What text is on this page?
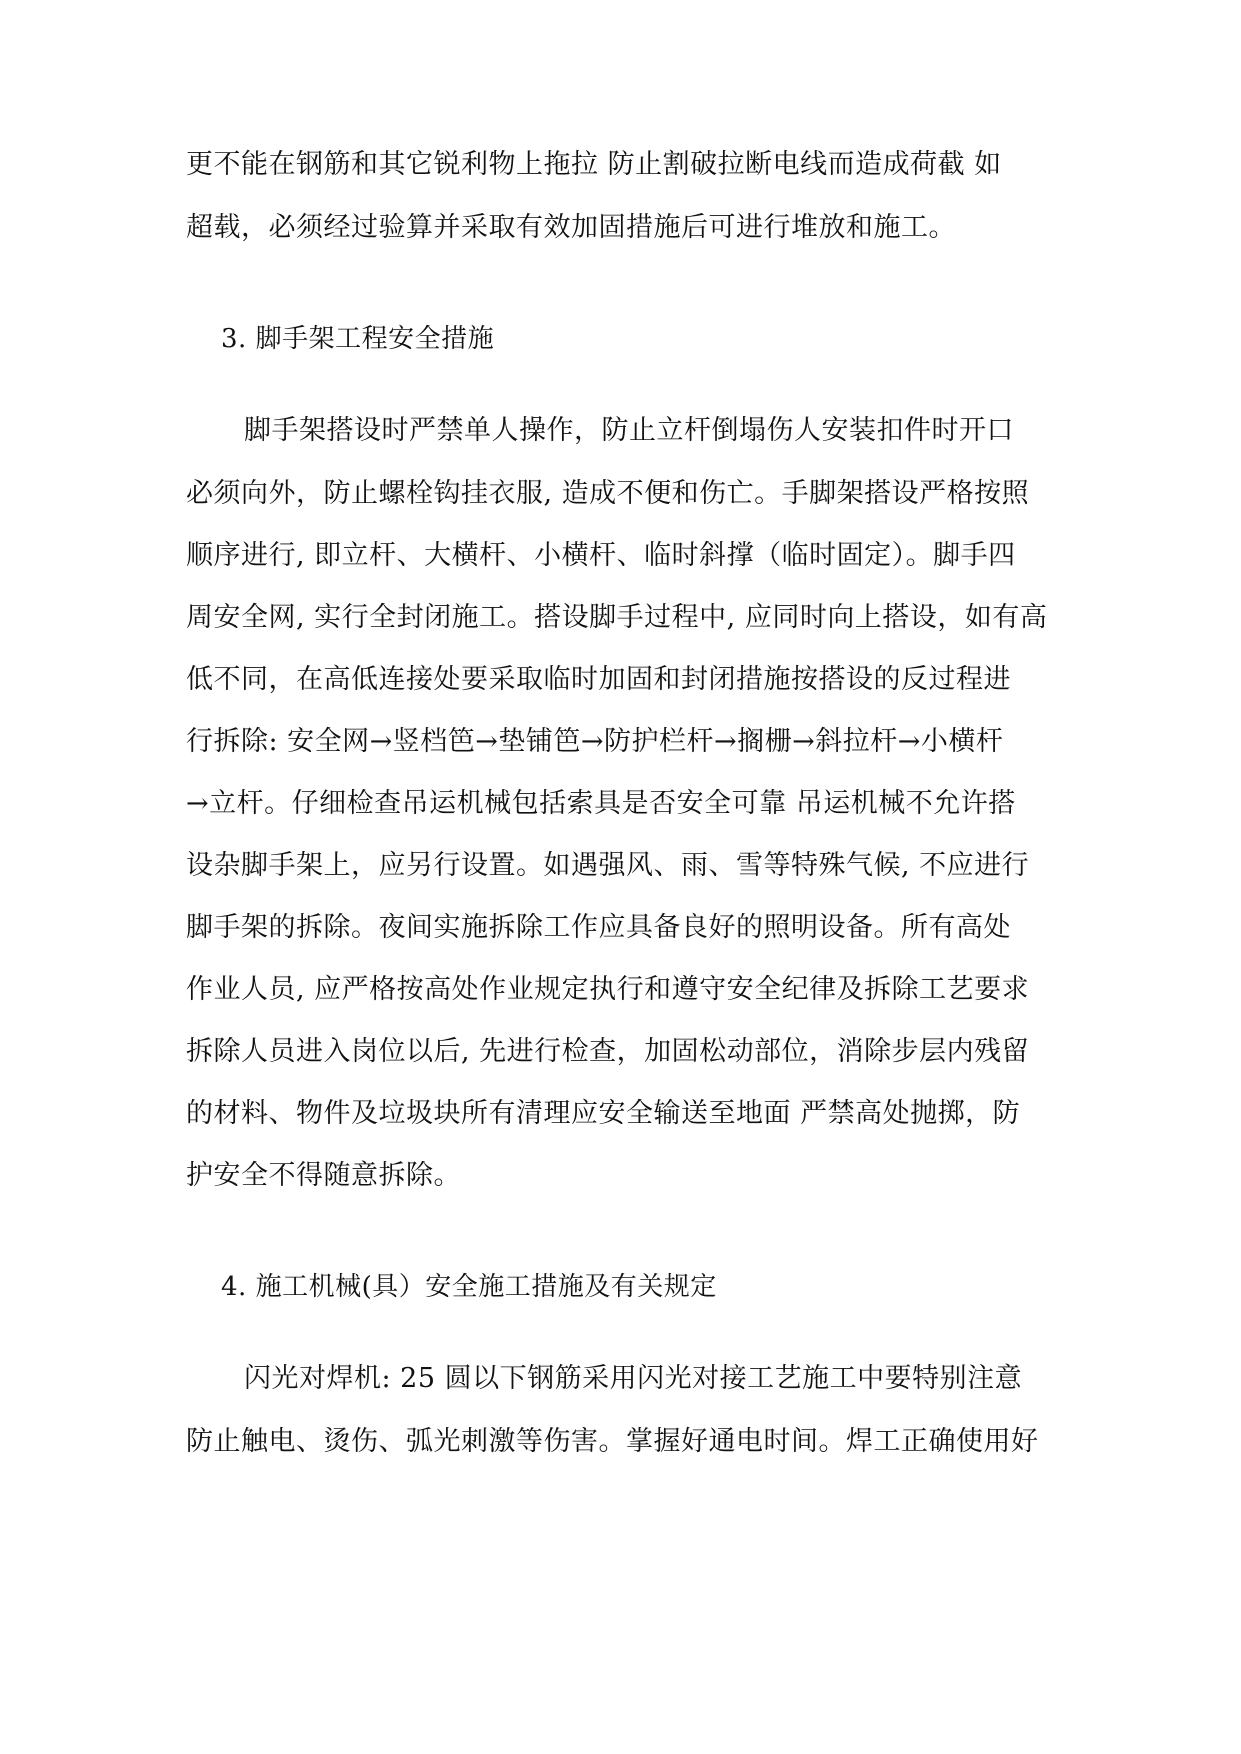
更不能在钢筋和其它锐利物上拖拉 防止割破拉断电线而造成荷截 如
超载，必须经过验算并采取有效加固措施后可进行堆放和施工。
3. 脚手架工程安全措施
脚手架搭设时严禁单人操作，防止立杆倒塌伤人安装扣件时开口
必须向外，防止螺栓钩挂衣服, 造成不便和伤亡。手脚架搭设严格按照
顺序进行, 即立杆、大横杆、小横杆、临时斜撑（临时固定）。脚手四
周安全网, 实行全封闭施工。搭设脚手过程中, 应同时向上搭设，如有高
低不同，在高低连接处要采取临时加固和封闭措施按搭设的反过程进
行拆除: 安全网→竖档笆→垫铺笆→防护栏杆→搁栅→斜拉杆→小横杆
→立杆。仔细检查吊运机械包括索具是否安全可靠 吊运机械不允许搭
设杂脚手架上，应另行设置。如遇强风、雨、雪等特殊气候, 不应进行
脚手架的拆除。夜间实施拆除工作应具备良好的照明设备。所有高处
作业人员, 应严格按高处作业规定执行和遵守安全纪律及拆除工艺要求
拆除人员进入岗位以后, 先进行检查，加固松动部位，消除步层内残留
的材料、物件及垃圾块所有清理应安全输送至地面 严禁高处抛掷，防
护安全不得随意拆除。
4. 施工机械(具）安全施工措施及有关规定
闪光对焊机: 25 圆以下钢筋采用闪光对接工艺施工中要特别注意
防止触电、烫伤、弧光刺激等伤害。掌握好通电时间。焊工正确使用好
